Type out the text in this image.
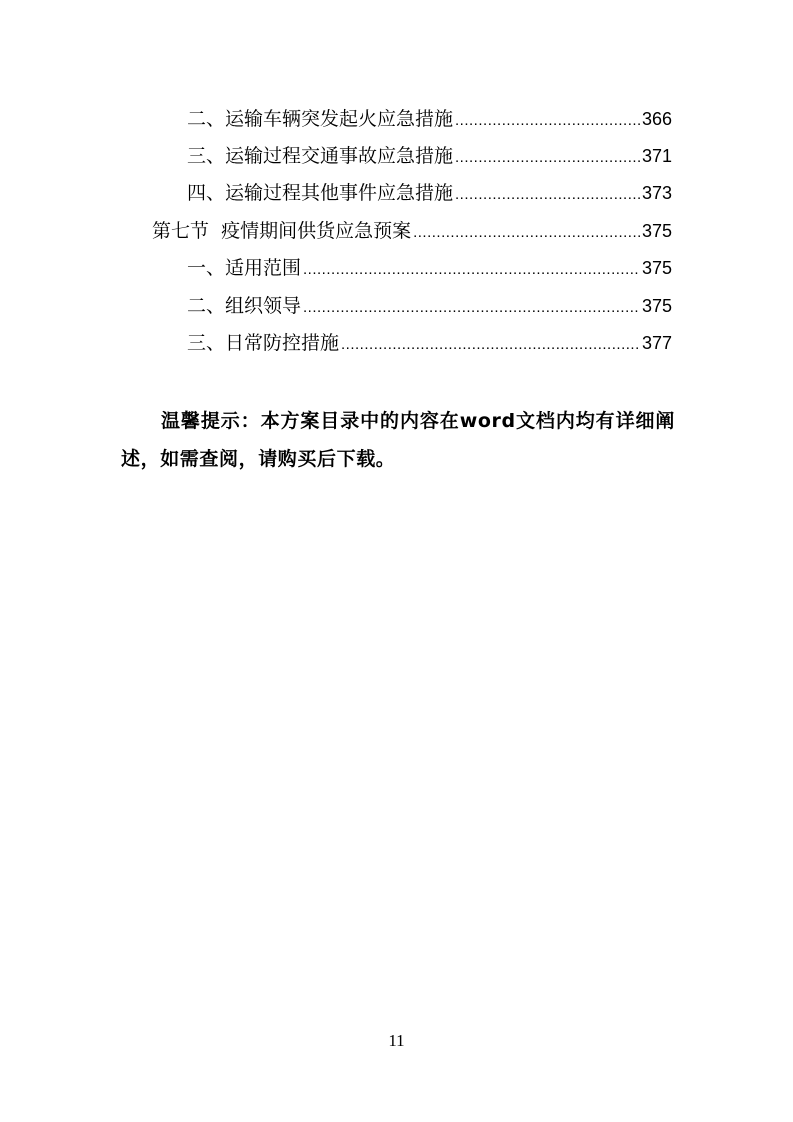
二、运输车辆突发起火应急措施 .....	366
三、运输过程交通事故应急措施 .....	371
四、运输过程其他事件应急措施 .....	373
第七节  疫情期间供货应急预案 .....	375
一、适用范围 .....	375
二、组织领导 .....	375
三、日常防控措施 .....	377
温馨提示：本方案目录中的内容在word文档内均有详细阐述，如需查阅，请购买后下载。
11
